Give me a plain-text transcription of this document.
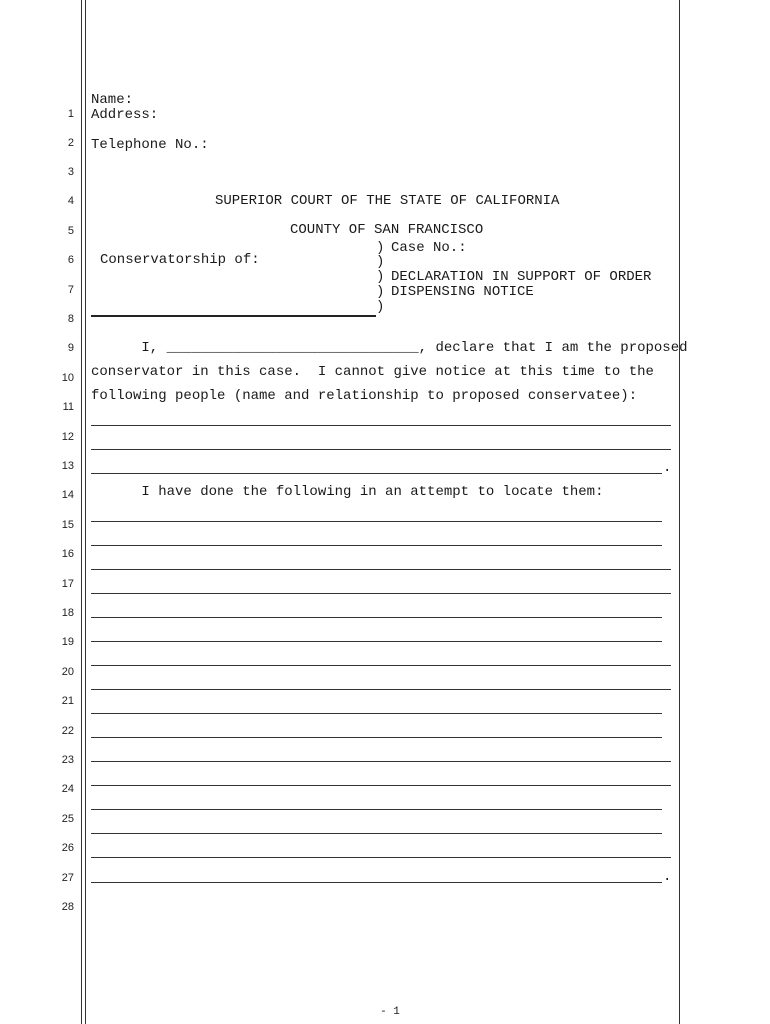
1
2
3
4
5
6
7
8
9
10
11
12
13
14
15
16
17
18
19
20
21
22
23
24
25
26
27
28
Name:
Address:
Telephone No.:
SUPERIOR COURT OF THE STATE OF CALIFORNIA
COUNTY OF SAN FRANCISCO
Conservatorship of:
) Case No.:
)
) DECLARATION IN SUPPORT OF ORDER
) DISPENSING NOTICE
)
I, ______________________________, declare that I am the proposed
conservator in this case.  I cannot give notice at this time to the
following people (name and relationship to proposed conservatee):
.
I have done the following in an attempt to locate them:
.
- 1
